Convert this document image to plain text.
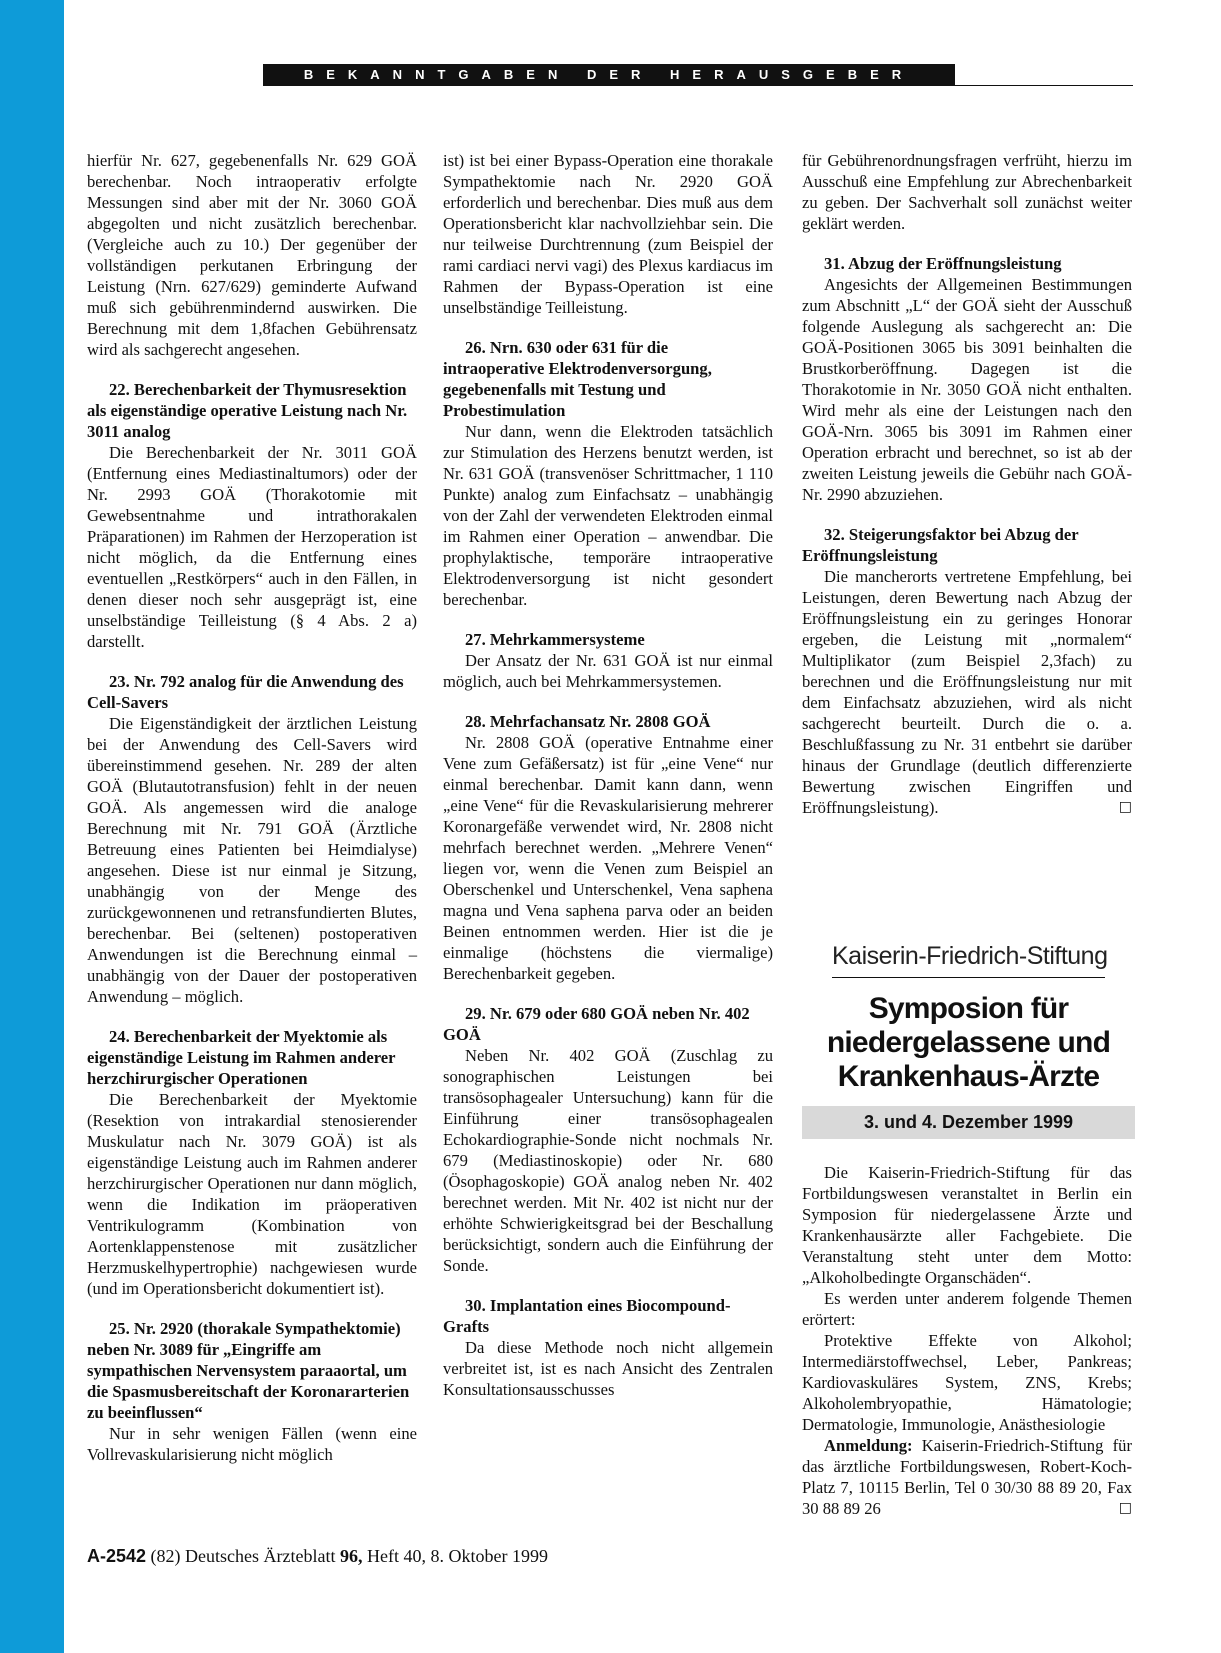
BEKANNTGABEN DER HERAUSGEBER

hierfür Nr. 627, gegebenenfalls Nr. 629 GOÄ berechenbar. Noch intraoperativ erfolgte Messungen sind aber mit der Nr. 3060 GOÄ abgegolten und nicht zusätzlich berechenbar. (Vergleiche auch zu 10.) Der gegenüber der vollständigen perkutanen Erbringung der Leistung (Nrn. 627/629) geminderte Aufwand muß sich gebührenmindernd auswirken. Die Berechnung mit dem 1,8fachen Gebührensatz wird als sachgerecht angesehen.

22. Berechenbarkeit der Thymusresektion als eigenständige operative Leistung nach Nr. 3011 analog

Die Berechenbarkeit der Nr. 3011 GOÄ (Entfernung eines Mediastinaltumors) oder der Nr. 2993 GOÄ (Thorakotomie mit Gewebsentnahme und intrathorakalen Präparationen) im Rahmen der Herzoperation ist nicht möglich, da die Entfernung eines eventuellen „Restkörpers“ auch in den Fällen, in denen dieser noch sehr ausgeprägt ist, eine unselbständige Teilleistung (§ 4 Abs. 2 a) darstellt.

23. Nr. 792 analog für die Anwendung des Cell-Savers

Die Eigenständigkeit der ärztlichen Leistung bei der Anwendung des Cell-Savers wird übereinstimmend gesehen. Nr. 289 der alten GOÄ (Blutautotransfusion) fehlt in der neuen GOÄ. Als angemessen wird die analoge Berechnung mit Nr. 791 GOÄ (Ärztliche Betreuung eines Patienten bei Heimdialyse) angesehen. Diese ist nur einmal je Sitzung, unabhängig von der Menge des zurückgewonnenen und retransfundierten Blutes, berechenbar. Bei (seltenen) postoperativen Anwendungen ist die Berechnung einmal – unabhängig von der Dauer der postoperativen Anwendung – möglich.

24. Berechenbarkeit der Myektomie als eigenständige Leistung im Rahmen anderer herzchirurgischer Operationen

Die Berechenbarkeit der Myektomie (Resektion von intrakardial stenosierender Muskulatur nach Nr. 3079 GOÄ) ist als eigenständige Leistung auch im Rahmen anderer herzchirurgischer Operationen nur dann möglich, wenn die Indikation im präoperativen Ventrikulogramm (Kombination von Aortenklappenstenose mit zusätzlicher Herzmuskelhypertrophie) nachgewiesen wurde (und im Operationsbericht dokumentiert ist).

25. Nr. 2920 (thorakale Sympathektomie) neben Nr. 3089 für „Eingriffe am sympathischen Nervensystem paraaortal, um die Spasmusbereitschaft der Koronararterien zu beeinflussen“

Nur in sehr wenigen Fällen (wenn eine Vollrevaskularisierung nicht möglich

ist) ist bei einer Bypass-Operation eine thorakale Sympathektomie nach Nr. 2920 GOÄ erforderlich und berechenbar. Dies muß aus dem Operationsbericht klar nachvollziehbar sein. Die nur teilweise Durchtrennung (zum Beispiel der rami cardiaci nervi vagi) des Plexus kardiacus im Rahmen der Bypass-Operation ist eine unselbständige Teilleistung.

26. Nrn. 630 oder 631 für die intraoperative Elektrodenversorgung, gegebenenfalls mit Testung und Probestimulation

Nur dann, wenn die Elektroden tatsächlich zur Stimulation des Herzens benutzt werden, ist Nr. 631 GOÄ (transvenöser Schrittmacher, 1 110 Punkte) analog zum Einfachsatz – unabhängig von der Zahl der verwendeten Elektroden einmal im Rahmen einer Operation – anwendbar. Die prophylaktische, temporäre intraoperative Elektrodenversorgung ist nicht gesondert berechenbar.

27. Mehrkammersysteme

Der Ansatz der Nr. 631 GOÄ ist nur einmal möglich, auch bei Mehrkammersystemen.

28. Mehrfachansatz Nr. 2808 GOÄ

Nr. 2808 GOÄ (operative Entnahme einer Vene zum Gefäßersatz) ist für „eine Vene“ nur einmal berechenbar. Damit kann dann, wenn „eine Vene“ für die Revaskularisierung mehrerer Koronargefäße verwendet wird, Nr. 2808 nicht mehrfach berechnet werden. „Mehrere Venen“ liegen vor, wenn die Venen zum Beispiel an Oberschenkel und Unterschenkel, Vena saphena magna und Vena saphena parva oder an beiden Beinen entnommen werden. Hier ist die je einmalige (höchstens die viermalige) Berechenbarkeit gegeben.

29. Nr. 679 oder 680 GOÄ neben Nr. 402 GOÄ

Neben Nr. 402 GOÄ (Zuschlag zu sonographischen Leistungen bei transösophagealer Untersuchung) kann für die Einführung einer transösophagealen Echokardiographie-Sonde nicht nochmals Nr. 679 (Mediastinoskopie) oder Nr. 680 (Ösophagoskopie) GOÄ analog neben Nr. 402 berechnet werden. Mit Nr. 402 ist nicht nur der erhöhte Schwierigkeitsgrad bei der Beschallung berücksichtigt, sondern auch die Einführung der Sonde.

30. Implantation eines Biocompound-Grafts

Da diese Methode noch nicht allgemein verbreitet ist, ist es nach Ansicht des Zentralen Konsultationsausschusses

für Gebührenordnungsfragen verfrüht, hierzu im Ausschuß eine Empfehlung zur Abrechenbarkeit zu geben. Der Sachverhalt soll zunächst weiter geklärt werden.

31. Abzug der Eröffnungsleistung

Angesichts der Allgemeinen Bestimmungen zum Abschnitt „L“ der GOÄ sieht der Ausschuß folgende Auslegung als sachgerecht an: Die GOÄ-Positionen 3065 bis 3091 beinhalten die Brustkorberöffnung. Dagegen ist die Thorakotomie in Nr. 3050 GOÄ nicht enthalten. Wird mehr als eine der Leistungen nach den GOÄ-Nrn. 3065 bis 3091 im Rahmen einer Operation erbracht und berechnet, so ist ab der zweiten Leistung jeweils die Gebühr nach GOÄ-Nr. 2990 abzuziehen.

32. Steigerungsfaktor bei Abzug der Eröffnungsleistung

Die mancherorts vertretene Empfehlung, bei Leistungen, deren Bewertung nach Abzug der Eröffnungsleistung ein zu geringes Honorar ergeben, die Leistung mit „normalem“ Multiplikator (zum Beispiel 2,3fach) zu berechnen und die Eröffnungsleistung nur mit dem Einfachsatz abzuziehen, wird als nicht sachgerecht beurteilt. Durch die o. a. Beschlußfassung zu Nr. 31 entbehrt sie darüber hinaus der Grundlage (deutlich differenzierte Bewertung zwischen Eingriffen und Eröffnungsleistung).	□

Kaiserin-Friedrich-Stiftung
Symposion für niedergelassene und Krankenhaus-Ärzte
3. und 4. Dezember 1999

Die Kaiserin-Friedrich-Stiftung für das Fortbildungswesen veranstaltet in Berlin ein Symposion für niedergelassene Ärzte und Krankenhausärzte aller Fachgebiete. Die Veranstaltung steht unter dem Motto: „Alkoholbedingte Organschäden“.

Es werden unter anderem folgende Themen erörtert:

Protektive Effekte von Alkohol; Intermediärstoffwechsel, Leber, Pankreas; Kardiovaskuläres System, ZNS, Krebs; Alkoholembryopathie, Hämatologie; Dermatologie, Immunologie, Anästhesiologie

Anmeldung: Kaiserin-Friedrich-Stiftung für das ärztliche Fortbildungswesen, Robert-Koch-Platz 7, 10115 Berlin, Tel 0 30/30 88 89 20, Fax 30 88 89 26	□

A-2542 (82) Deutsches Ärzteblatt 96, Heft 40, 8. Oktober 1999
